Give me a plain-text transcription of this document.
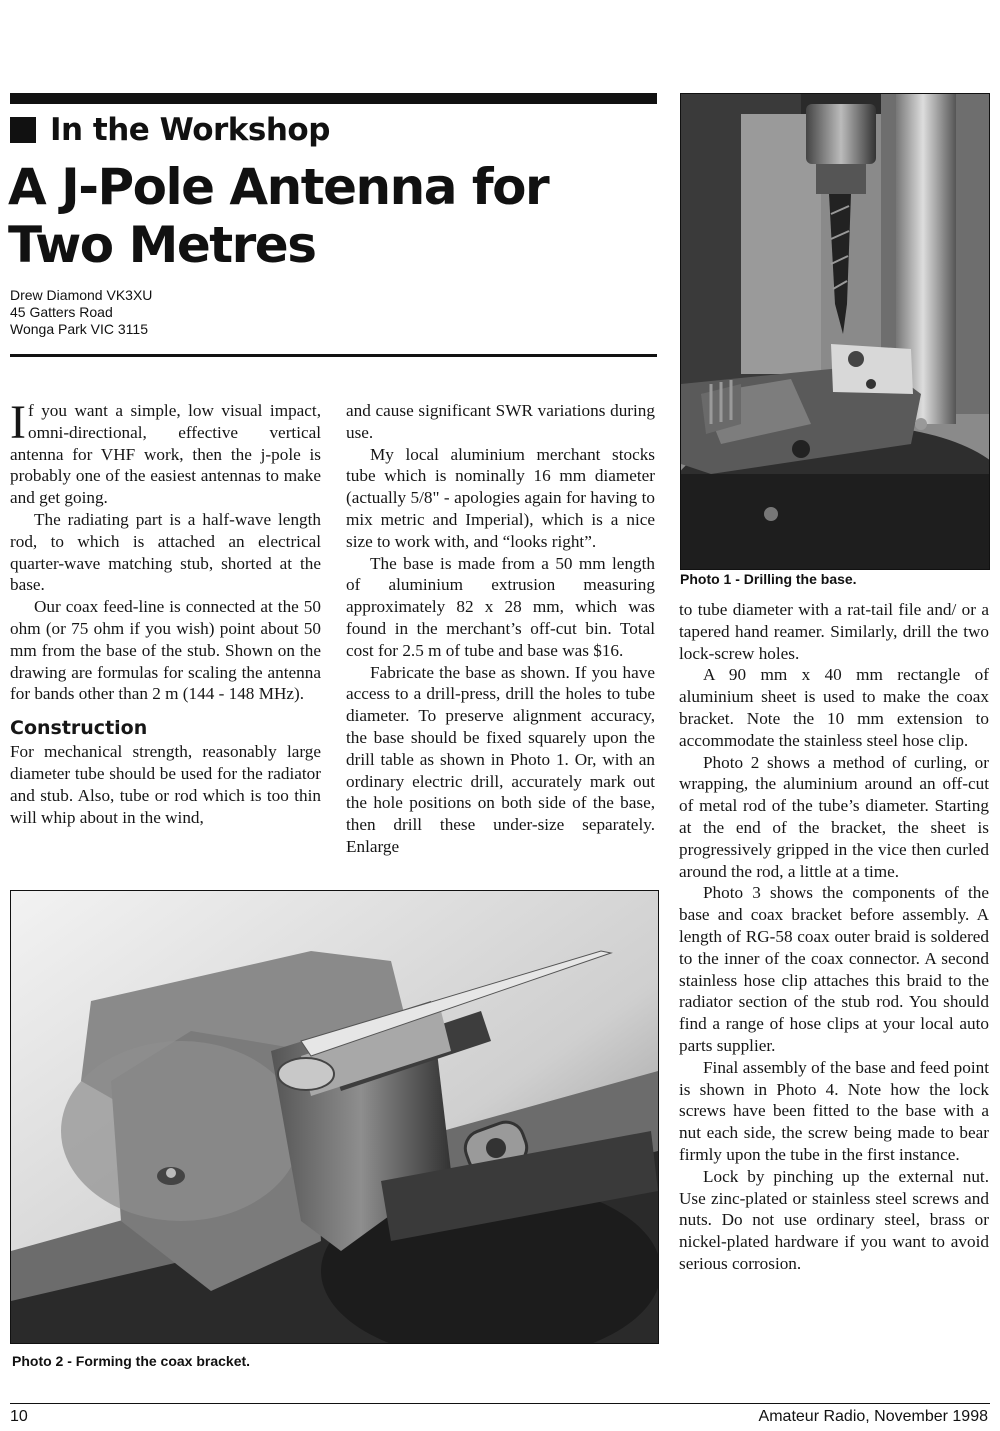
In the Workshop
A J-Pole Antenna for
Two Metres
Drew Diamond VK3XU
45 Gatters Road
Wonga Park VIC 3115
Photo 1 - Drilling the base.

If you want a simple, low visual impact, omni-directional, effective vertical antenna for VHF work, then the j-pole is probably one of the easiest antennas to make and get going.

The radiating part is a half-wave length rod, to which is attached an electrical quarter-wave matching stub, shorted at the base.

Our coax feed-line is connected at the 50 ohm (or 75 ohm if you wish) point about 50 mm from the base of the stub. Shown on the drawing are formulas for scaling the antenna for bands other than 2 m (144 - 148 MHz).

Construction

For mechanical strength, reasonably large diameter tube should be used for the radiator and stub. Also, tube or rod which is too thin will whip about in the wind,

and cause significant SWR variations during use.

My local aluminium merchant stocks tube which is nominally 16 mm diameter (actually 5/8" - apologies again for having to mix metric and Imperial), which is a nice size to work with, and “looks right”.

The base is made from a 50 mm length of aluminium extrusion measuring approximately 82 x 28 mm, which was found in the merchant’s off-cut bin. Total cost for 2.5 m of tube and base was $16.

Fabricate the base as shown. If you have access to a drill-press, drill the holes to tube diameter. To preserve alignment accuracy, the base should be fixed squarely upon the drill table as shown in Photo 1. Or, with an ordinary electric drill, accurately mark out the hole positions on both side of the base, then drill these under-size separately. Enlarge

to tube diameter with a rat-tail file and/ or a tapered hand reamer. Similarly, drill the two lock-screw holes.

A 90 mm x 40 mm rectangle of aluminium sheet is used to make the coax bracket. Note the 10 mm extension to accommodate the stainless steel hose clip.

Photo 2 shows a method of curling, or wrapping, the aluminium around an off-cut of metal rod of the tube’s diameter. Starting at the end of the bracket, the sheet is progressively gripped in the vice then curled around the rod, a little at a time.

Photo 3 shows the components of the base and coax bracket before assembly. A length of RG-58 coax outer braid is soldered to the inner of the coax connector. A second stainless hose clip attaches this braid to the radiator section of the stub rod. You should find a range of hose clips at your local auto parts supplier.

Final assembly of the base and feed point is shown in Photo 4. Note how the lock screws have been fitted to the base with a nut each side, the screw being made to bear firmly upon the tube in the first instance.

Lock by pinching up the external nut. Use zinc-plated or stainless steel screws and nuts. Do not use ordinary steel, brass or nickel-plated hardware if you want to avoid serious corrosion.

Photo 2 - Forming the coax bracket.
10	Amateur Radio, November 1998
